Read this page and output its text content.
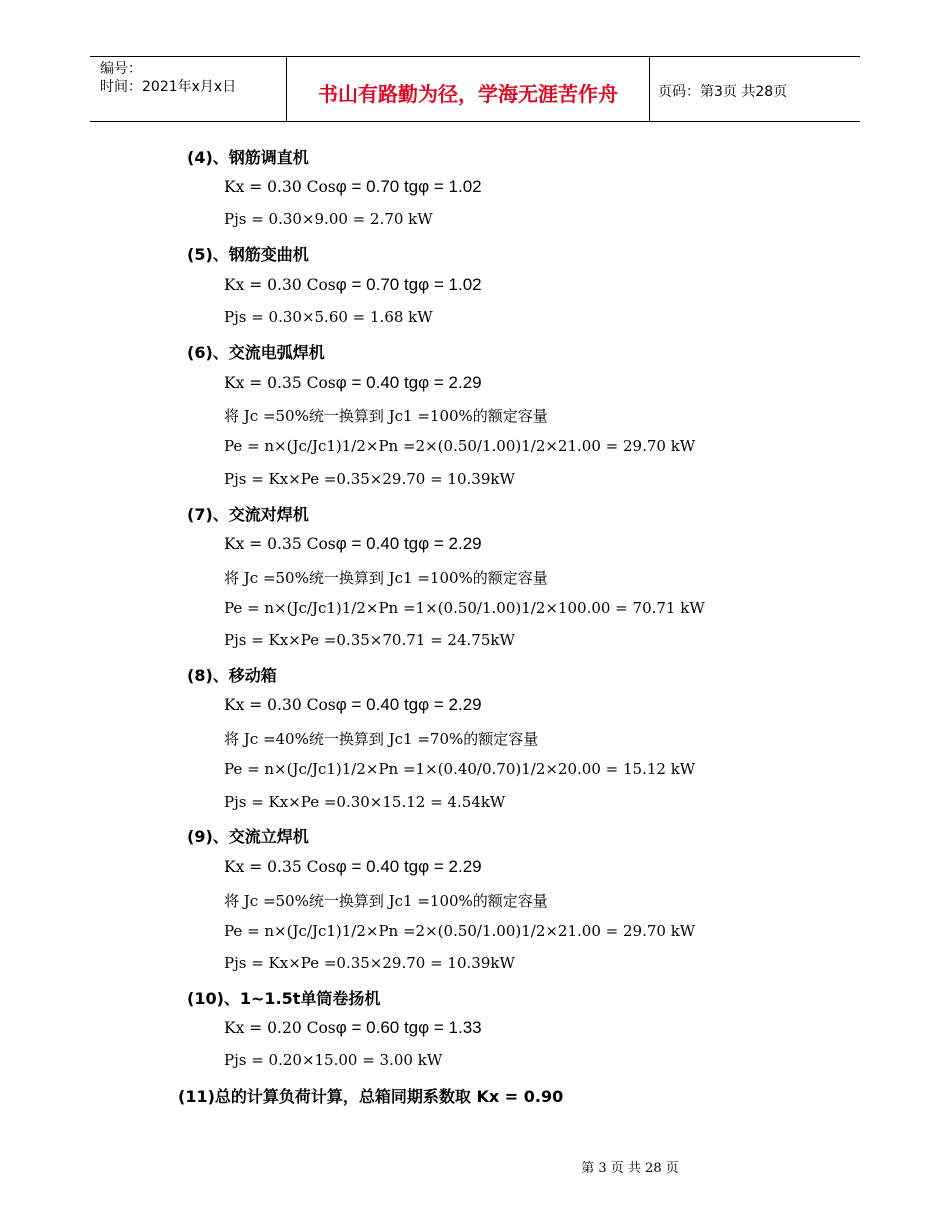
编号：
时间：2021年x月x日	书山有路勤为径，学海无涯苦作舟	页码：第3页 共28页
(4)、钢筋调直机
Kx = 0.30 Cosφ = 0.70 tgφ = 1.02
Pjs = 0.30×9.00 = 2.70 kW
(5)、钢筋变曲机
Kx = 0.30 Cosφ = 0.70 tgφ = 1.02
Pjs = 0.30×5.60 = 1.68 kW
(6)、交流电弧焊机
Kx = 0.35 Cosφ = 0.40 tgφ = 2.29
将 Jc =50%统一换算到 Jc1 =100%的额定容量
Pe = n×(Jc/Jc1)1/2×Pn =2×(0.50/1.00)1/2×21.00 = 29.70 kW
Pjs = Kx×Pe =0.35×29.70 = 10.39kW
(7)、交流对焊机
Kx = 0.35 Cosφ = 0.40 tgφ = 2.29
将 Jc =50%统一换算到 Jc1 =100%的额定容量
Pe = n×(Jc/Jc1)1/2×Pn =1×(0.50/1.00)1/2×100.00 = 70.71 kW
Pjs = Kx×Pe =0.35×70.71 = 24.75kW
(8)、移动箱
Kx = 0.30 Cosφ = 0.40 tgφ = 2.29
将 Jc =40%统一换算到 Jc1 =70%的额定容量
Pe = n×(Jc/Jc1)1/2×Pn =1×(0.40/0.70)1/2×20.00 = 15.12 kW
Pjs = Kx×Pe =0.30×15.12 = 4.54kW
(9)、交流立焊机
Kx = 0.35 Cosφ = 0.40 tgφ = 2.29
将 Jc =50%统一换算到 Jc1 =100%的额定容量
Pe = n×(Jc/Jc1)1/2×Pn =2×(0.50/1.00)1/2×21.00 = 29.70 kW
Pjs = Kx×Pe =0.35×29.70 = 10.39kW
(10)、1~1.5t单筒卷扬机
Kx = 0.20 Cosφ = 0.60 tgφ = 1.33
Pjs = 0.20×15.00 = 3.00 kW
(11)总的计算负荷计算，总箱同期系数取 Kx = 0.90
第 3 页 共 28 页
